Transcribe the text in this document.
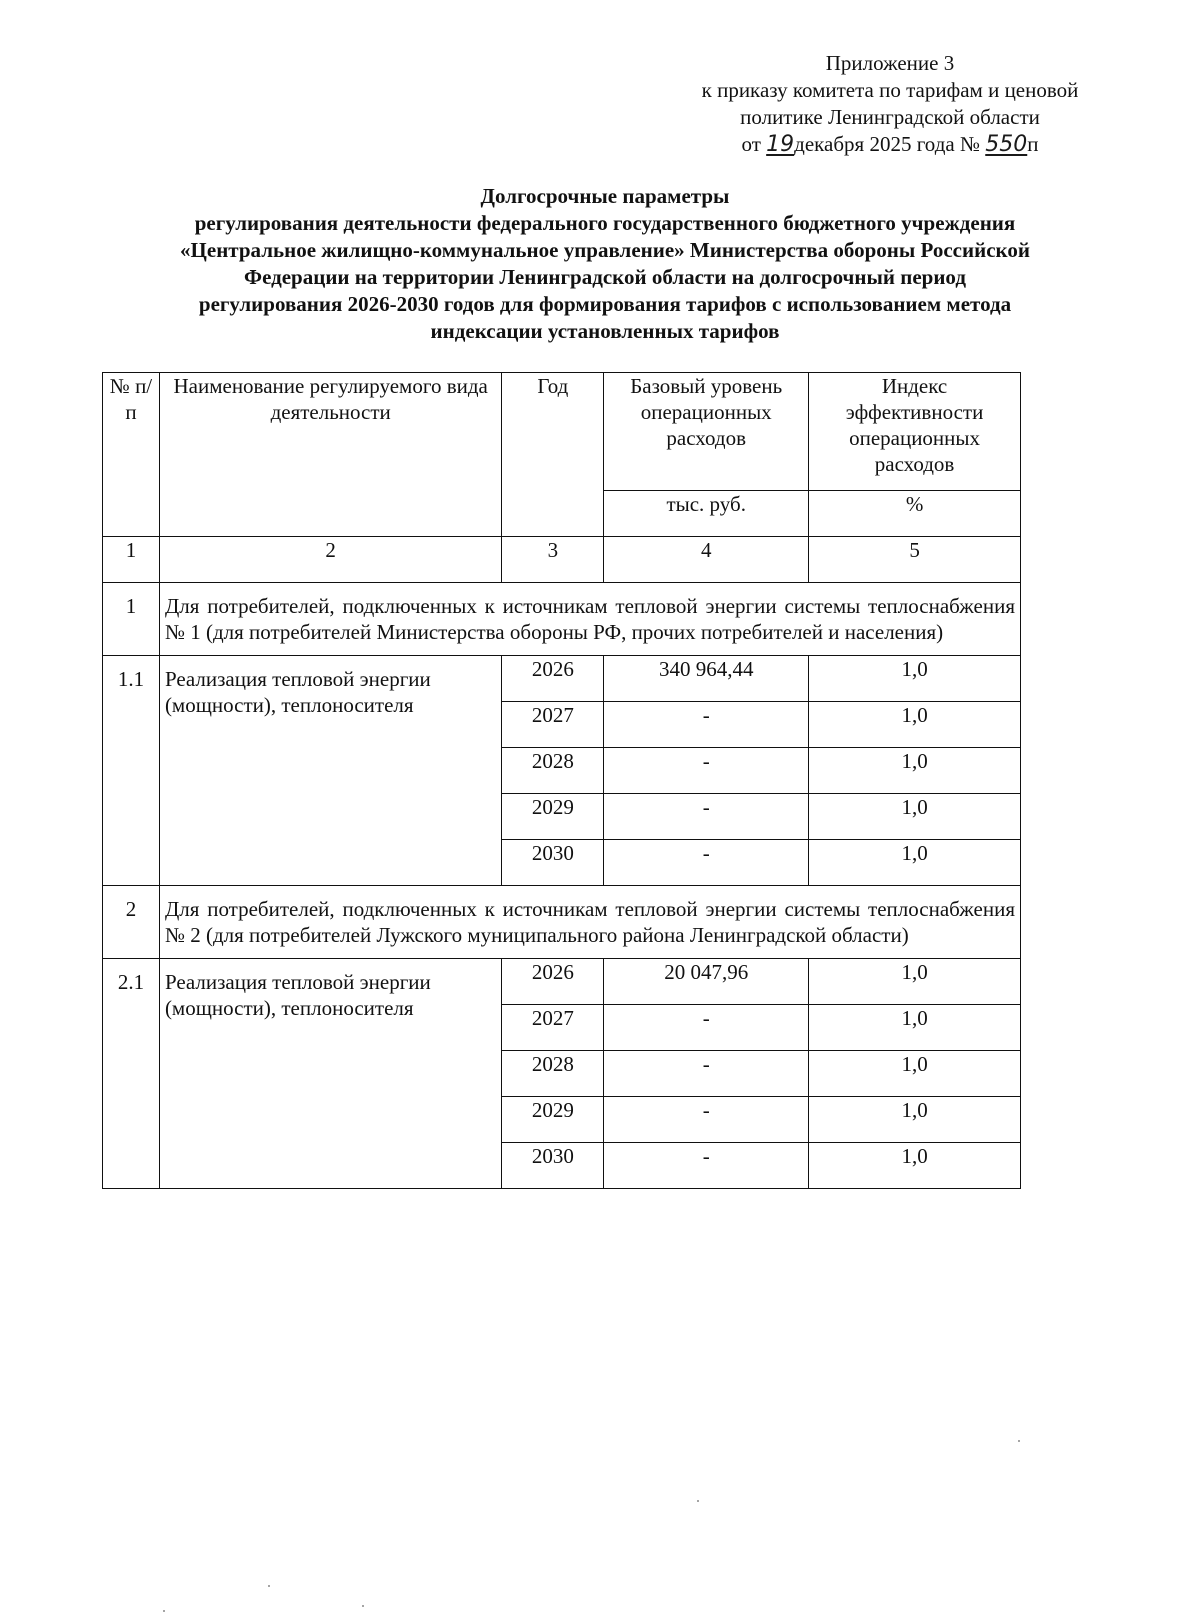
Приложение 3
к приказу комитета по тарифам и ценовой
политике Ленинградской области
от 19декабря 2025 года № 550п
Долгосрочные параметры
регулирования деятельности федерального государственного бюджетного учреждения
«Центральное жилищно-коммунальное управление» Министерства обороны Российской
Федерации на территории Ленинградской области на долгосрочный период
регулирования 2026-2030 годов для формирования тарифов с использованием метода
индексации установленных тарифов
№ п/п	Наименование регулируемого вида деятельности	Год	Базовый уровень операционных расходов	Индекс эффективности операционных расходов
			тыс. руб.	%
1	2	3	4	5
1	Для потребителей, подключенных к источникам тепловой энергии системы теплоснабжения № 1 (для потребителей Министерства обороны РФ, прочих потребителей и населения)			
1.1	Реализация тепловой энергии (мощности), теплоносителя	2026	340 964,44	1,0
		2027	-	1,0
		2028	-	1,0
		2029	-	1,0
		2030	-	1,0
2	Для потребителей, подключенных к источникам тепловой энергии системы теплоснабжения № 2 (для потребителей Лужского муниципального района Ленинградской области)			
2.1	Реализация тепловой энергии (мощности), теплоносителя	2026	20 047,96	1,0
		2027	-	1,0
		2028	-	1,0
		2029	-	1,0
		2030	-	1,0
